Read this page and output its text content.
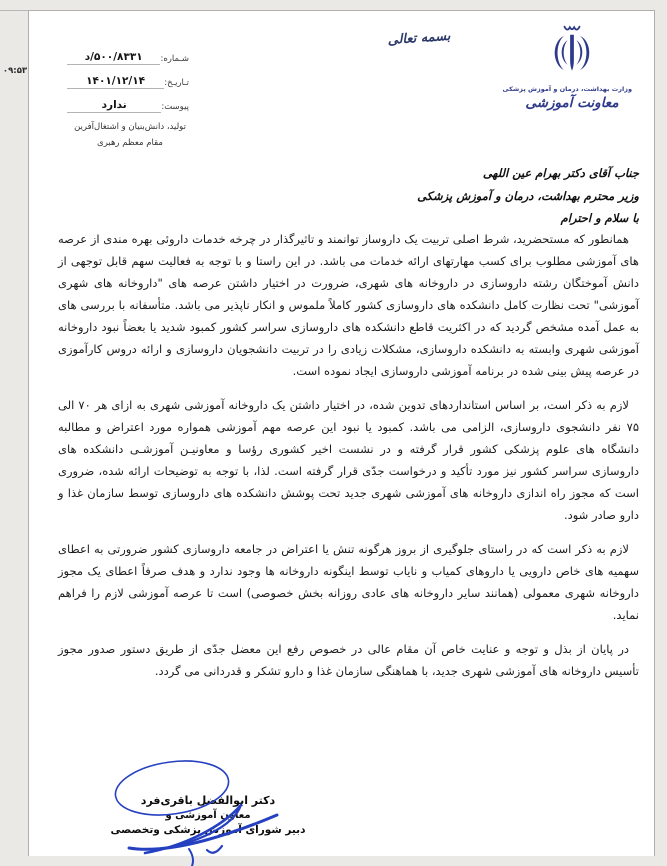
۰۹:۵۳
شـماره:
د/۵۰۰/۸۳۳۱
تـاریـخ:
۱۴۰۱/۱۲/۱۴
پیوست:
ندارد
تولید، دانش‌بنیان و اشتغال‌آفرین
مقام معظم رهبری
بسمه تعالی
وزارت بهداشت، درمان و آموزش پزشکی
معاونت آموزشی
جناب آقای دکتر بهرام عین اللهی
وزیر محترم بهداشت، درمان و آموزش پزشکی
با سلام و احترام

همانطور که مستحضرید، شرط اصلی تربیت یک داروساز توانمند و تاثیرگذار در چرخه خدمات داروئی بهره مندی از عرصه های آموزشی مطلوب برای کسب مهارتهای ارائه خدمات می باشد. در این راستا و با توجه به فعالیت سهم قابل توجهی از دانش آموختگان رشته داروسازی در داروخانه های شهری، ضرورت در اختیار داشتن عرصه های "داروخانه های شهری آموزشی" تحت نظارت کامل دانشکده های داروسازی کشور کاملاً ملموس و انکار ناپذیر می باشد. متأسفانه با بررسی های به عمل آمده مشخص گردید که در اکثریت قاطع دانشکده های داروسازی سراسر کشور کمبود شدید یا بعضاً نبود داروخانه آموزشی شهری وابسته به دانشکده داروسازی، مشکلات زیادی را در تربیت دانشجویان داروسازی و ارائه دروس کارآموزی در عرصه پیش بینی شده در برنامه آموزشی داروسازی ایجاد نموده است.

لازم به ذکر است، بر اساس استانداردهای تدوین شده، در اختیار داشتن یک داروخانه آموزشی شهری به ازای هر ۷۰ الی ۷۵ نفر دانشجوی داروسازی، الزامی می باشد. کمبود یا نبود این عرصه مهم آموزشی همواره مورد اعتراض و مطالبه دانشگاه های علوم پزشکی کشور قرار گرفته و در نشست اخیر کشوری رؤسا و معاونیـن آموزشـی دانشکده های داروسازی سراسر کشور نیز مورد تأکید و درخواست جدّی قرار گرفته است. لذا، با توجه به توضیحات ارائه شده، ضروری است که مجوز راه اندازی داروخانه های آموزشی شهری جدید تحت پوشش دانشکده های داروسازی توسط سازمان غذا و دارو صادر شود.

لازم به ذکر است که در راستای جلوگیری از بروز هرگونه تنش یا اعتراض در جامعه داروسازی کشور ضرورتی به اعطای سهمیه های خاص دارویی یا داروهای کمیاب و نایاب توسط اینگونه داروخانه ها وجود ندارد و هدف صرفاً اعطای یک مجوز داروخانه شهری معمولی (همانند سایر داروخانه های عادی روزانه بخش خصوصی) است تا عرصه آموزشی لازم را فراهم نماید.

در پایان از بذل و توجه و عنایت خاص آن مقام عالی در خصوص رفع این معضل جدّی از طریق دستور صدور مجوز تأسیس داروخانه های آموزشی شهری جدید، با هماهنگی سازمان غذا و دارو تشکر و قدردانی می گردد.

دکتر ابوالفضل باقری‌فرد
معاون آموزشی و
دبیر شورای آموزش پزشکی وتخصصی
